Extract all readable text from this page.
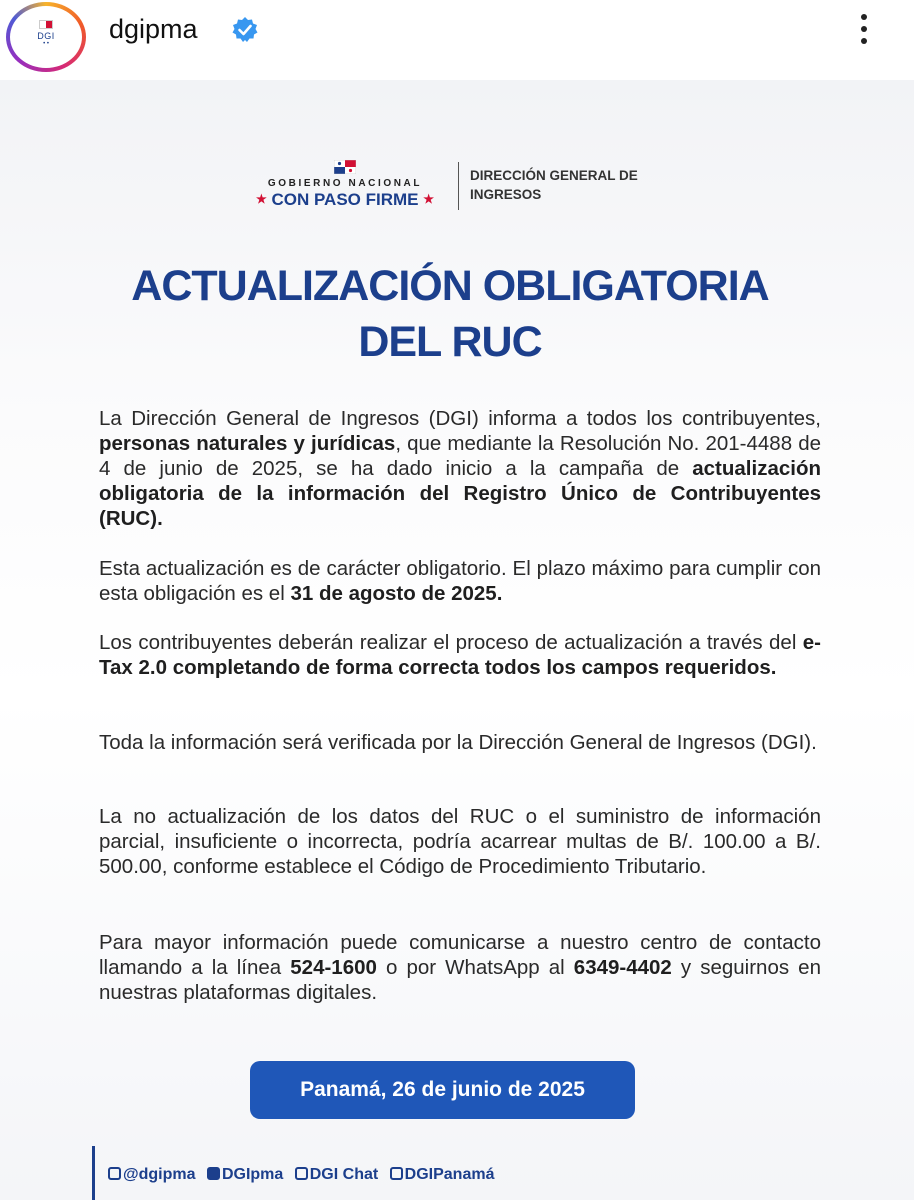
DGI
• •	dgipma
GOBIERNO NACIONAL
★ CON PASO FIRME ★
DIRECCIÓN GENERAL DE
INGRESOS
ACTUALIZACIÓN OBLIGATORIA
DEL RUC
La Dirección General de Ingresos (DGI) informa a todos los contribuyentes, personas naturales y jurídicas, que mediante la Resolución No. 201-4488 de 4 de junio de 2025, se ha dado inicio a la campaña de actualización obligatoria de la información del Registro Único de Contribuyentes (RUC).
Esta actualización es de carácter obligatorio. El plazo máximo para cumplir con esta obligación es el 31 de agosto de 2025.
Los contribuyentes deberán realizar el proceso de actualización a través del e-Tax 2.0 completando de forma correcta todos los campos requeridos.
Toda la información será verificada por la Dirección General de Ingresos (DGI).
La no actualización de los datos del RUC o el suministro de información parcial, insuficiente o incorrecta, podría acarrear multas de B/. 100.00 a B/. 500.00, conforme establece el Código de Procedimiento Tributario.
Para mayor información puede comunicarse a nuestro centro de contacto llamando a la línea 524-1600 o por WhatsApp al 6349-4402 y seguirnos en nuestras plataformas digitales.
Panamá, 26 de junio de 2025
@dgipma DGIpma DGI Chat DGIPanamá
